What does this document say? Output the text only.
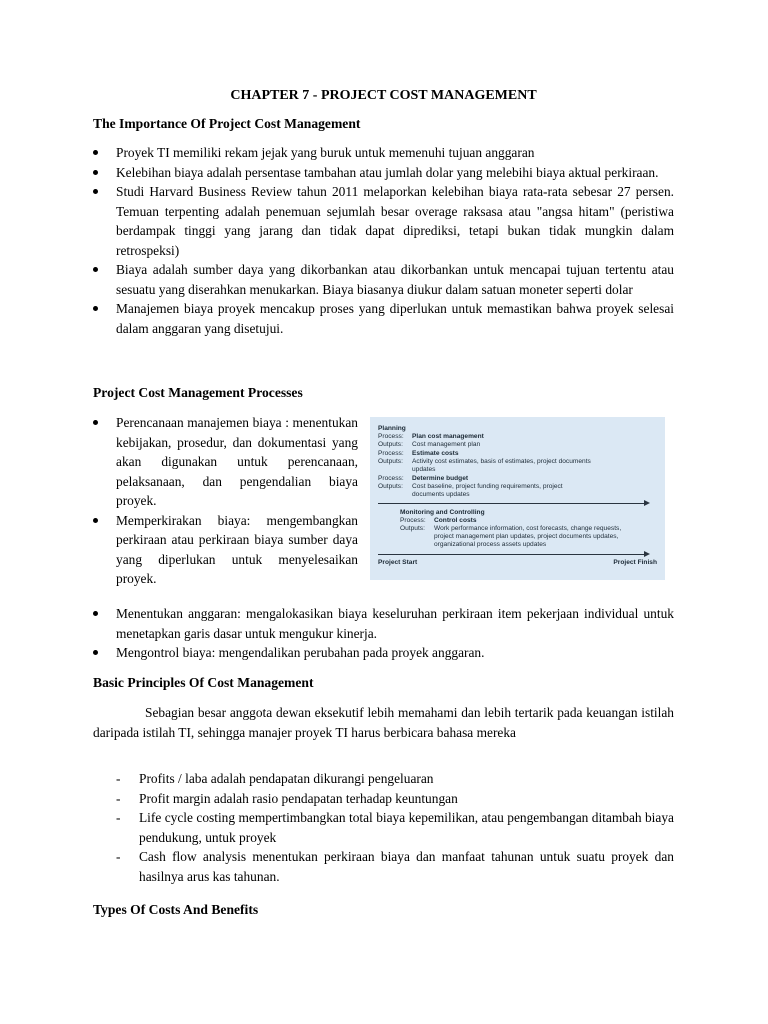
CHAPTER 7 - PROJECT COST MANAGEMENT
The Importance Of Project Cost Management
Proyek TI memiliki rekam jejak yang buruk untuk memenuhi tujuan anggaran
Kelebihan biaya adalah persentase tambahan atau jumlah dolar yang melebihi biaya aktual perkiraan.
Studi Harvard Business Review tahun 2011 melaporkan kelebihan biaya rata-rata sebesar 27 persen. Temuan terpenting adalah penemuan sejumlah besar overage raksasa atau "angsa hitam" (peristiwa berdampak tinggi yang jarang dan tidak dapat diprediksi, tetapi bukan tidak mungkin dalam retrospeksi)
Biaya adalah sumber daya yang dikorbankan atau dikorbankan untuk mencapai tujuan tertentu atau sesuatu yang diserahkan menukarkan. Biaya biasanya diukur dalam satuan moneter seperti dolar
Manajemen biaya proyek mencakup proses yang diperlukan untuk memastikan bahwa proyek selesai dalam anggaran yang disetujui.
Project Cost Management Processes
Perencanaan manajemen biaya : menentukan kebijakan, prosedur, dan dokumentasi yang akan digunakan untuk perencanaan, pelaksanaan, dan pengendalian biaya proyek.
Memperkirakan biaya: mengembangkan perkiraan atau perkiraan biaya sumber daya yang diperlukan untuk menyelesaikan proyek.
Menentukan anggaran: mengalokasikan biaya keseluruhan perkiraan item pekerjaan individual untuk menetapkan garis dasar untuk mengukur kinerja.
Mengontrol biaya: mengendalikan perubahan pada proyek anggaran.
Planning
Process: Plan cost management
Outputs: Cost management plan
Process: Estimate costs
Outputs: Activity cost estimates, basis of estimates, project documents
updates
Process: Determine budget
Outputs: Cost baseline, project funding requirements, project
documents updates
Monitoring and Controlling
Process: Control costs
Outputs: Work performance information, cost forecasts, change requests,
project management plan updates, project documents updates,
organizational process assets updates
Project Start	Project Finish
Basic Principles Of Cost Management

Sebagian besar anggota dewan eksekutif lebih memahami dan lebih tertarik pada keuangan istilah daripada istilah TI, sehingga manajer proyek TI harus berbicara bahasa mereka

- Profits / laba adalah pendapatan dikurangi pengeluaran
- Profit margin adalah rasio pendapatan terhadap keuntungan
- Life cycle costing mempertimbangkan total biaya kepemilikan, atau pengembangan ditambah biaya pendukung, untuk proyek
- Cash flow analysis menentukan perkiraan biaya dan manfaat tahunan untuk suatu proyek dan hasilnya arus kas tahunan.
Types Of Costs And Benefits
